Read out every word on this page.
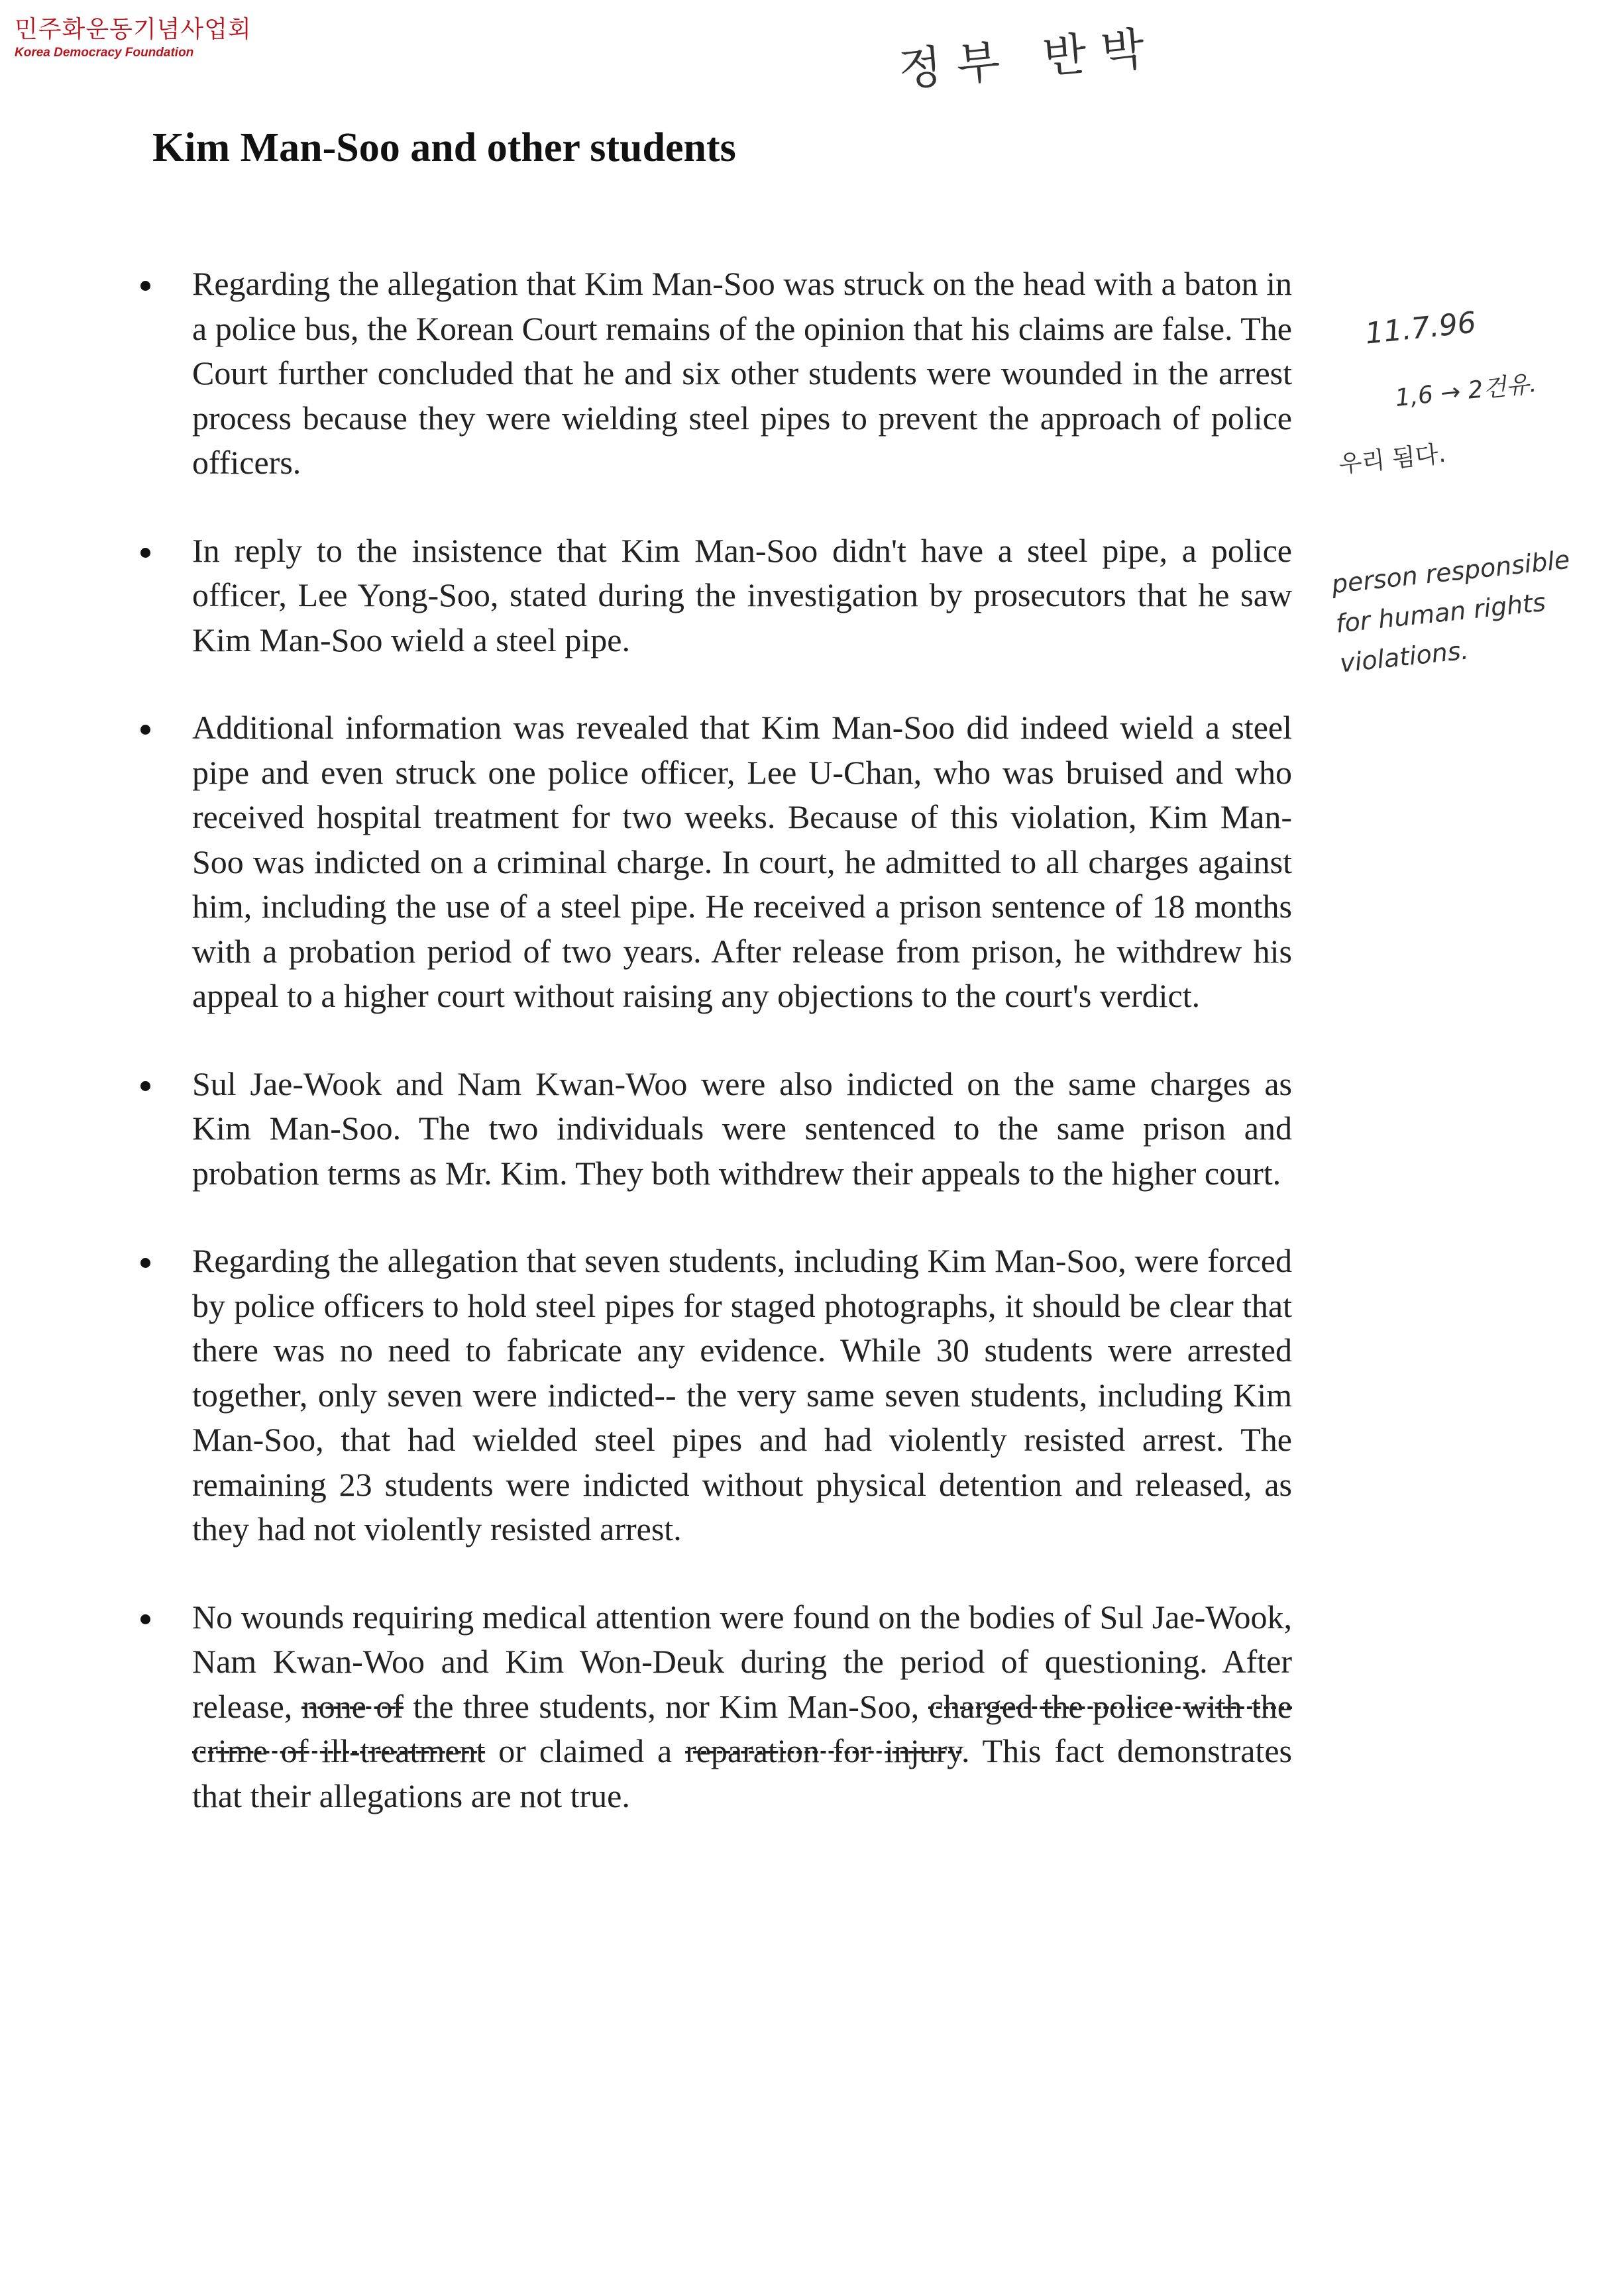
민주화운동기념사업회
Korea Democracy Foundation	정부 반박
Kim Man-Soo and other students

Regarding the allegation that Kim Man-Soo was struck on the head with a baton in a police bus, the Korean Court remains of the opinion that his claims are false. The Court further concluded that he and six other students were wounded in the arrest process because they were wielding steel pipes to prevent the approach of police officers.

In reply to the insistence that Kim Man-Soo didn't have a steel pipe, a police officer, Lee Yong-Soo, stated during the investigation by prosecutors that he saw Kim Man-Soo wield a steel pipe.

Additional information was revealed that Kim Man-Soo did indeed wield a steel pipe and even struck one police officer, Lee U-Chan, who was bruised and who received hospital treatment for two weeks. Because of this violation, Kim Man-Soo was indicted on a criminal charge. In court, he admitted to all charges against him, including the use of a steel pipe. He received a prison sentence of 18 months with a probation period of two years. After release from prison, he withdrew his appeal to a higher court without raising any objections to the court's verdict.

Sul Jae-Wook and Nam Kwan-Woo were also indicted on the same charges as Kim Man-Soo. The two individuals were sentenced to the same prison and probation terms as Mr. Kim. They both withdrew their appeals to the higher court.

Regarding the allegation that seven students, including Kim Man-Soo, were forced by police officers to hold steel pipes for staged photographs, it should be clear that there was no need to fabricate any evidence. While 30 students were arrested together, only seven were indicted-- the very same seven students, including Kim Man-Soo, that had wielded steel pipes and had violently resisted arrest. The remaining 23 students were indicted without physical detention and released, as they had not violently resisted arrest.

No wounds requiring medical attention were found on the bodies of Sul Jae-Wook, Nam Kwan-Woo and Kim Won-Deuk during the period of questioning. After release, none of the three students, nor Kim Man-Soo, charged the police with the crime of ill-treatment or claimed a reparation for injury. This fact demonstrates that their allegations are not true.

11.7.96
1,6 → 2건유.
우리 됨다.
person responsible for human rights violations.
